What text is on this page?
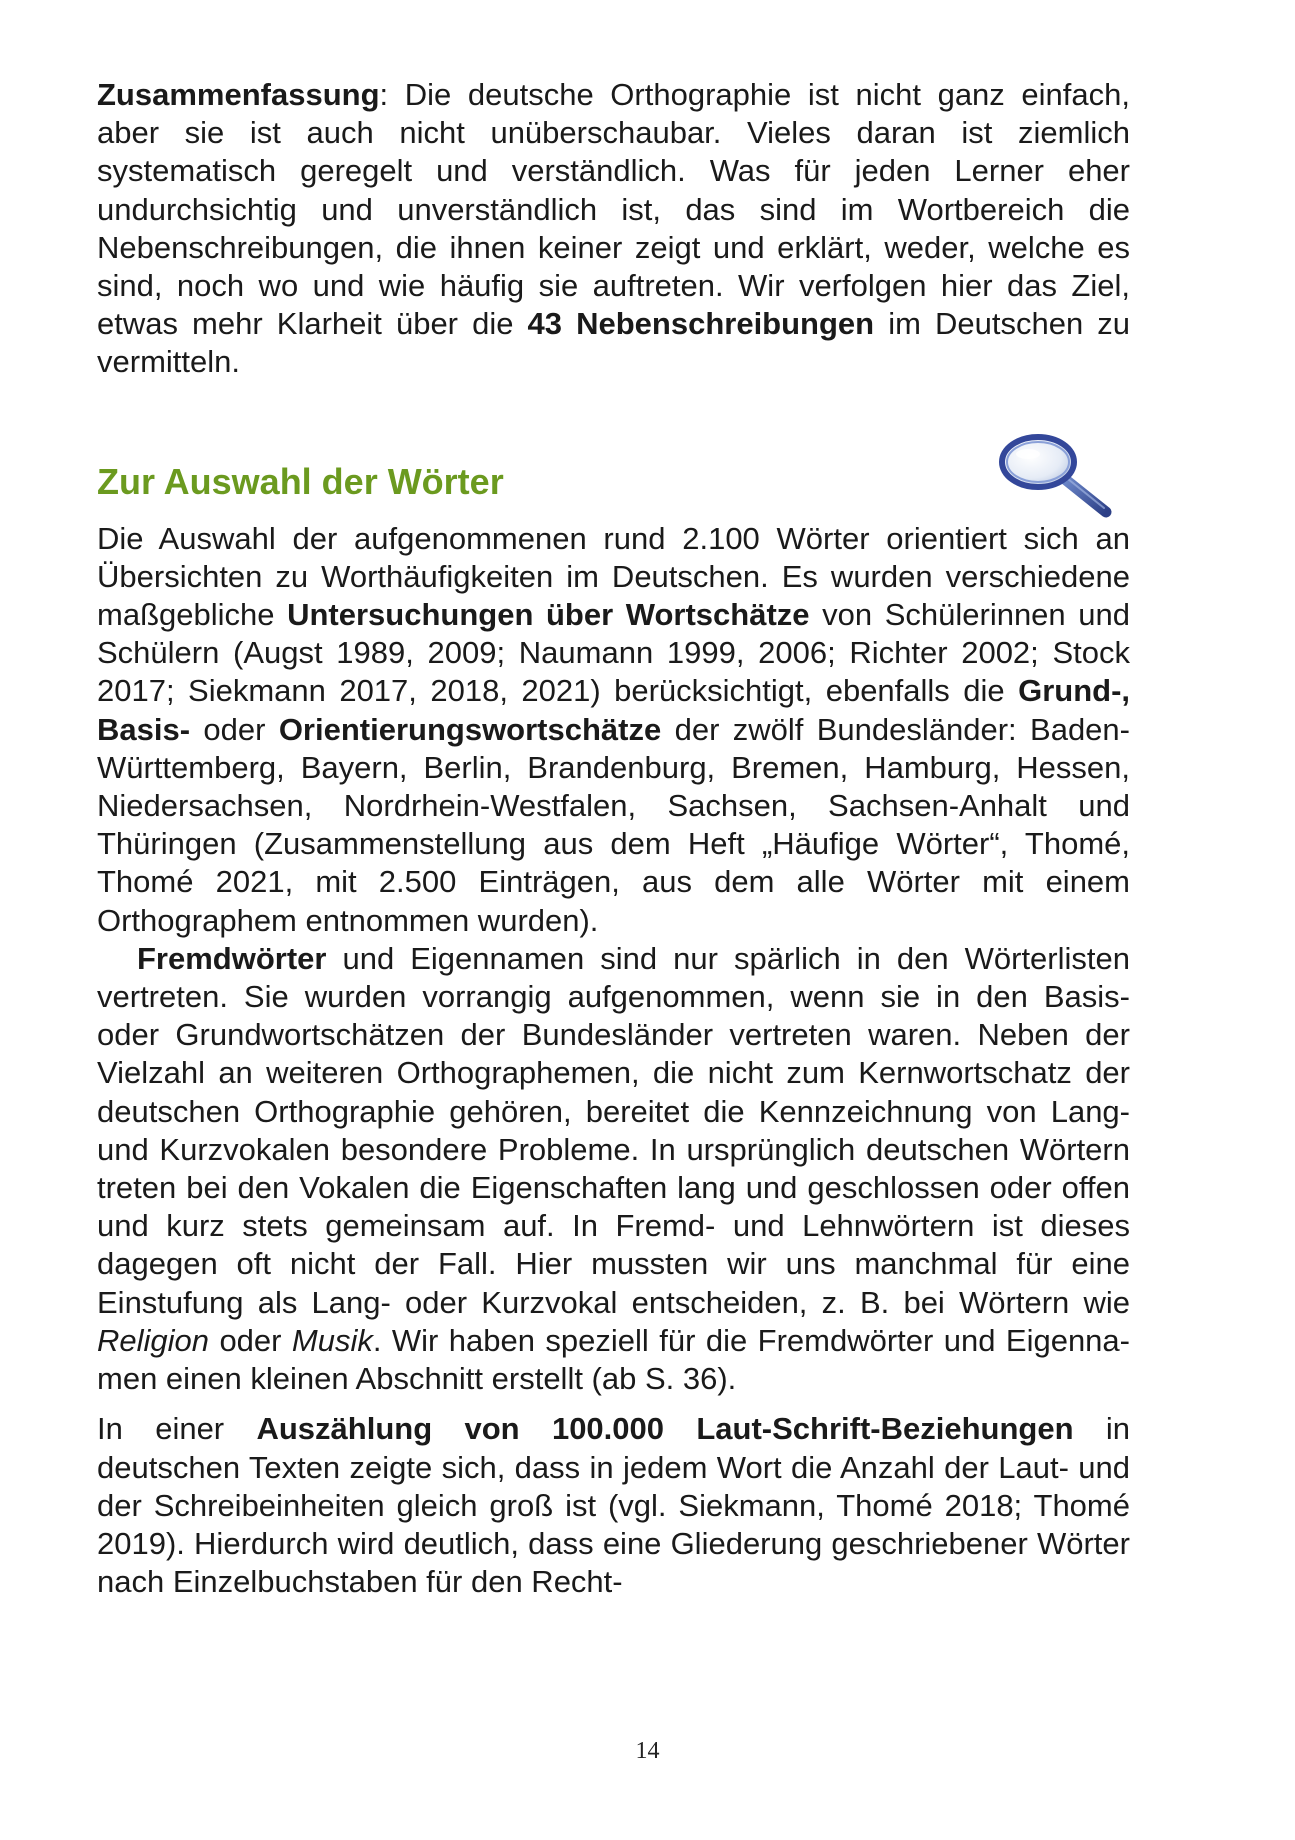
Zusammenfassung: Die deutsche Orthographie ist nicht ganz einfach, aber sie ist auch nicht unüberschaubar. Vieles daran ist ziemlich systematisch geregelt und verständlich. Was für jeden Lerner eher undurchsichtig und unverständlich ist, das sind im Wortbereich die Nebenschreibungen, die ihnen keiner zeigt und erklärt, weder, welche es sind, noch wo und wie häufig sie auftreten. Wir verfolgen hier das Ziel, etwas mehr Klarheit über die 43 Nebenschreibungen im Deutschen zu vermitteln.

Zur Auswahl der Wörter

Die Auswahl der aufgenommenen rund 2.100 Wörter orientiert sich an Übersichten zu Worthäufigkeiten im Deutschen. Es wurden verschiedene maßgebliche Untersuchungen über Wortschätze von Schülerinnen und Schülern (Augst 1989, 2009; Naumann 1999, 2006; Richter 2002; Stock 2017; Siekmann 2017, 2018, 2021) berücksichtigt, ebenfalls die Grund-, Basis- oder Orientierungswortschätze der zwölf Bundesländer: Baden-Württemberg, Bayern, Berlin, Brandenburg, Bremen, Hamburg, Hessen, Niedersachsen, Nordrhein-Westfalen, Sachsen, Sachsen-Anhalt und Thüringen (Zusammenstellung aus dem Heft „Häufige Wörter“, Thomé, Thomé 2021, mit 2.500 Einträgen, aus dem alle Wörter mit einem Orthographem entnommen wurden).

Fremdwörter und Eigennamen sind nur spärlich in den Wörterlisten vertreten. Sie wurden vorrangig aufgenommen, wenn sie in den Basis- oder Grundwortschätzen der Bundesländer vertreten waren. Neben der Vielzahl an weiteren Orthographemen, die nicht zum Kernwortschatz der deutschen Orthographie gehören, bereitet die Kennzeichnung von Lang- und Kurzvokalen besondere Probleme. In ursprünglich deutschen Wörtern treten bei den Vokalen die Eigenschaften lang und geschlossen oder offen und kurz stets gemeinsam auf. In Fremd- und Lehnwörtern ist dieses dagegen oft nicht der Fall. Hier mussten wir uns manchmal für eine Einstufung als Lang- oder Kurzvokal entscheiden, z. B. bei Wörtern wie Religion oder Musik. Wir haben speziell für die Fremdwörter und Eigennamen einen kleinen Abschnitt erstellt (ab S. 36).

In einer Auszählung von 100.000 Laut-Schrift-Beziehungen in deutschen Texten zeigte sich, dass in jedem Wort die Anzahl der Laut- und der Schreibeinheiten gleich groß ist (vgl. Siekmann, Thomé 2018; Thomé 2019). Hierdurch wird deutlich, dass eine Gliederung geschriebener Wörter nach Einzelbuchstaben für den Recht-

14
